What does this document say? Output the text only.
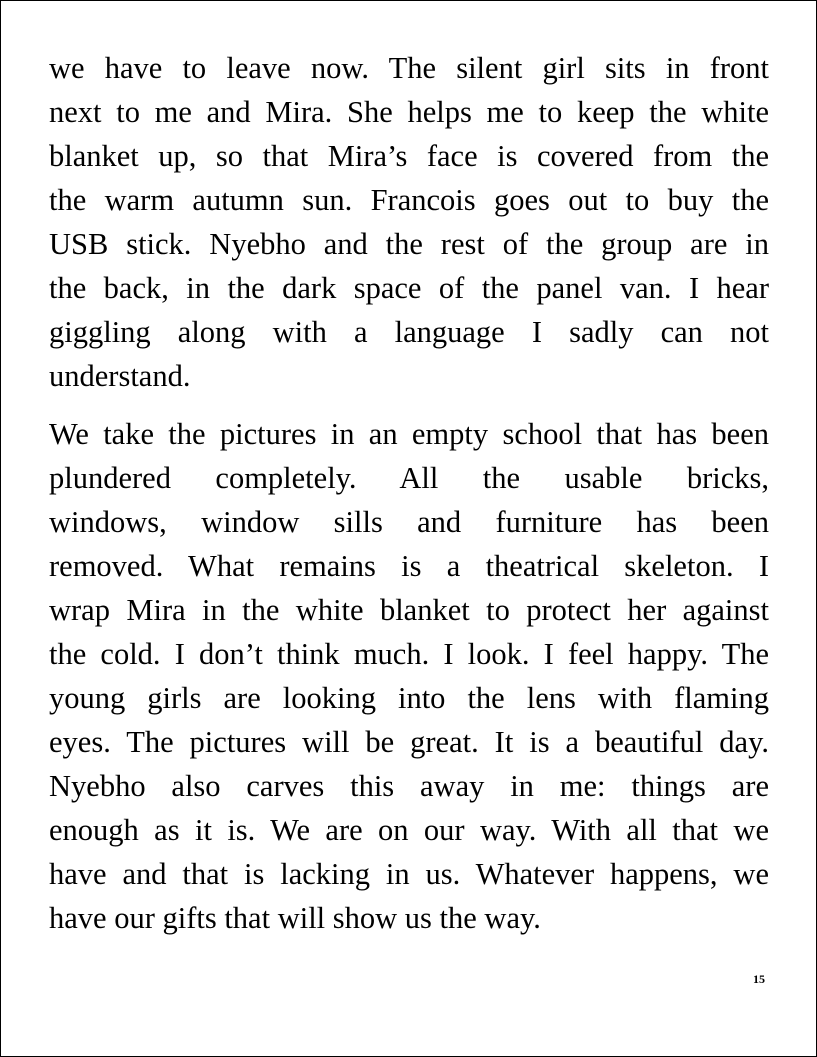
we have to leave now. The silent girl sits in front
next to me and Mira. She helps me to keep the white
blanket up, so that Mira’s face is covered from the
the warm autumn sun. Francois goes out to buy the
USB stick. Nyebho and the rest of the group are in
the back, in the dark space of the panel van. I hear
giggling along with a language I sadly can not
understand.

We take the pictures in an empty school that has been
plundered completely. All the usable bricks,
windows, window sills and furniture has been
removed. What remains is a theatrical skeleton. I
wrap Mira in the white blanket to protect her against
the cold. I don’t think much. I look. I feel happy. The
young girls are looking into the lens with flaming
eyes. The pictures will be great. It is a beautiful day.
Nyebho also carves this away in me: things are
enough as it is. We are on our way. With all that we
have and that is lacking in us. Whatever happens, we
have our gifts that will show us the way.

15
